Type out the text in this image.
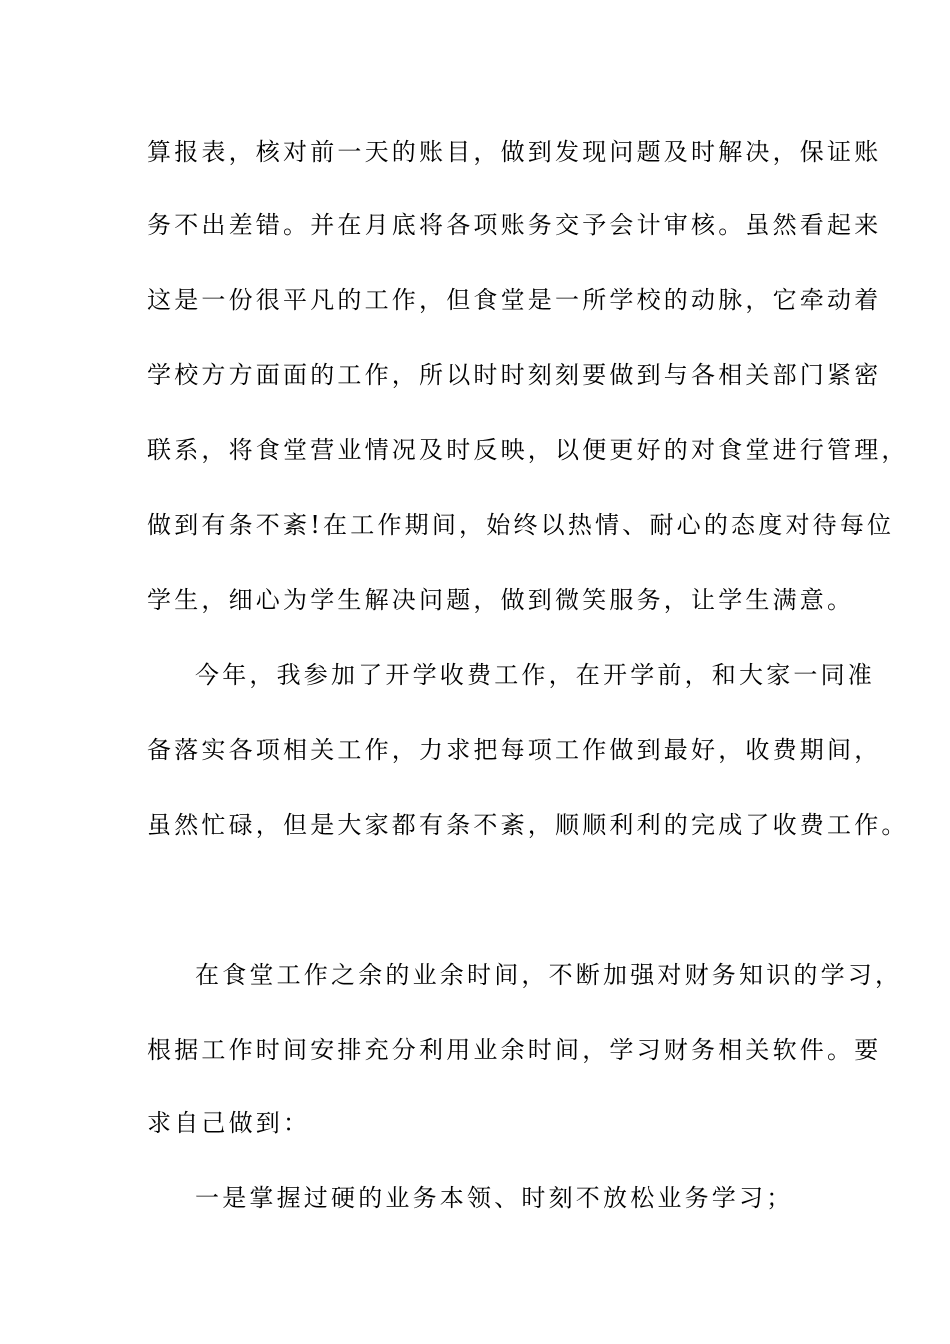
算报表，核对前一天的账目，做到发现问题及时解决，保证账
务不出差错。并在月底将各项账务交予会计审核。虽然看起来
这是一份很平凡的工作，但食堂是一所学校的动脉，它牵动着
学校方方面面的工作，所以时时刻刻要做到与各相关部门紧密
联系，将食堂营业情况及时反映，以便更好的对食堂进行管理，
做到有条不紊!在工作期间，始终以热情、耐心的态度对待每位
学生，细心为学生解决问题，做到微笑服务，让学生满意。
今年，我参加了开学收费工作，在开学前，和大家一同准
备落实各项相关工作，力求把每项工作做到最好，收费期间，
虽然忙碌，但是大家都有条不紊，顺顺利利的完成了收费工作。
在食堂工作之余的业余时间，不断加强对财务知识的学习，
根据工作时间安排充分利用业余时间，学习财务相关软件。要
求自己做到：
一是掌握过硬的业务本领、时刻不放松业务学习；
